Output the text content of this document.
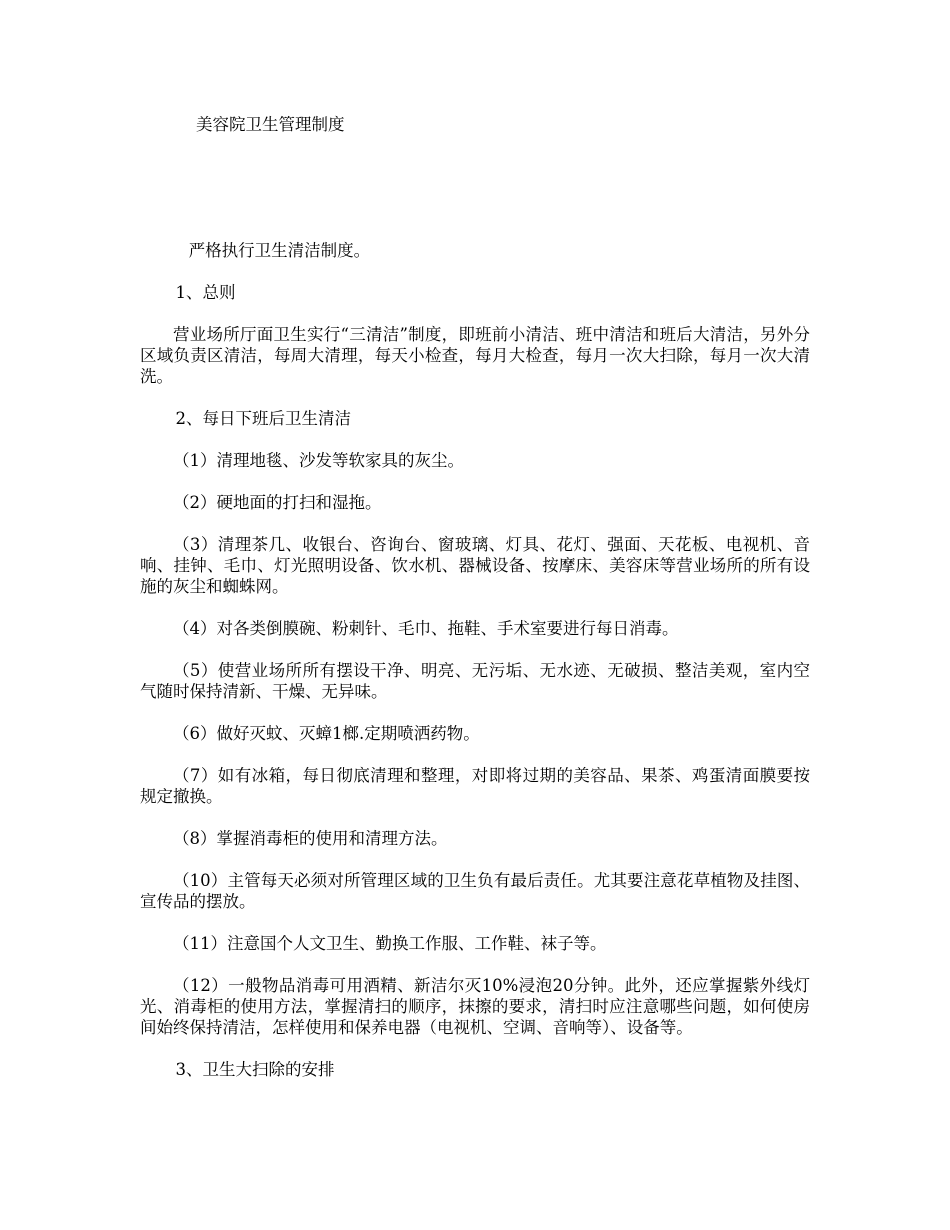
美容院卫生管理制度

严格执行卫生清洁制度。

1、总则

营业场所厅面卫生实行“三清洁”制度，即班前小清洁、班中清洁和班后大清洁，另外分区域负责区清洁，每周大清理，每天小检查，每月大检查，每月一次大扫除，每月一次大清洗。

2、每日下班后卫生清洁

（1）清理地毯、沙发等软家具的灰尘。

（2）硬地面的打扫和湿拖。

（3）清理茶几、收银台、咨询台、窗玻璃、灯具、花灯、强面、天花板、电视机、音响、挂钟、毛巾、灯光照明设备、饮水机、器械设备、按摩床、美容床等营业场所的所有设施的灰尘和蜘蛛网。

（4）对各类倒膜碗、粉刺针、毛巾、拖鞋、手术室要进行每日消毒。

（5）使营业场所所有摆设干净、明亮、无污垢、无水迹、无破损、整洁美观，室内空气随时保持清新、干燥、无异味。

（6）做好灭蚊、灭蟑1榔.定期喷洒药物。

（7）如有冰箱，每日彻底清理和整理，对即将过期的美容品、果茶、鸡蛋清面膜要按规定撤换。

（8）掌握消毒柜的使用和清理方法。

（10）主管每天必须对所管理区域的卫生负有最后责任。尤其要注意花草植物及挂图、宣传品的摆放。

（11）注意国个人文卫生、勤换工作服、工作鞋、袜子等。

（12）一般物品消毒可用酒精、新洁尔灭10%浸泡20分钟。此外，还应掌握紫外线灯光、消毒柜的使用方法，掌握清扫的顺序，抹擦的要求，清扫时应注意哪些问题，如何使房间始终保持清洁，怎样使用和保养电器（电视机、空调、音响等）、设备等。

3、卫生大扫除的安排
